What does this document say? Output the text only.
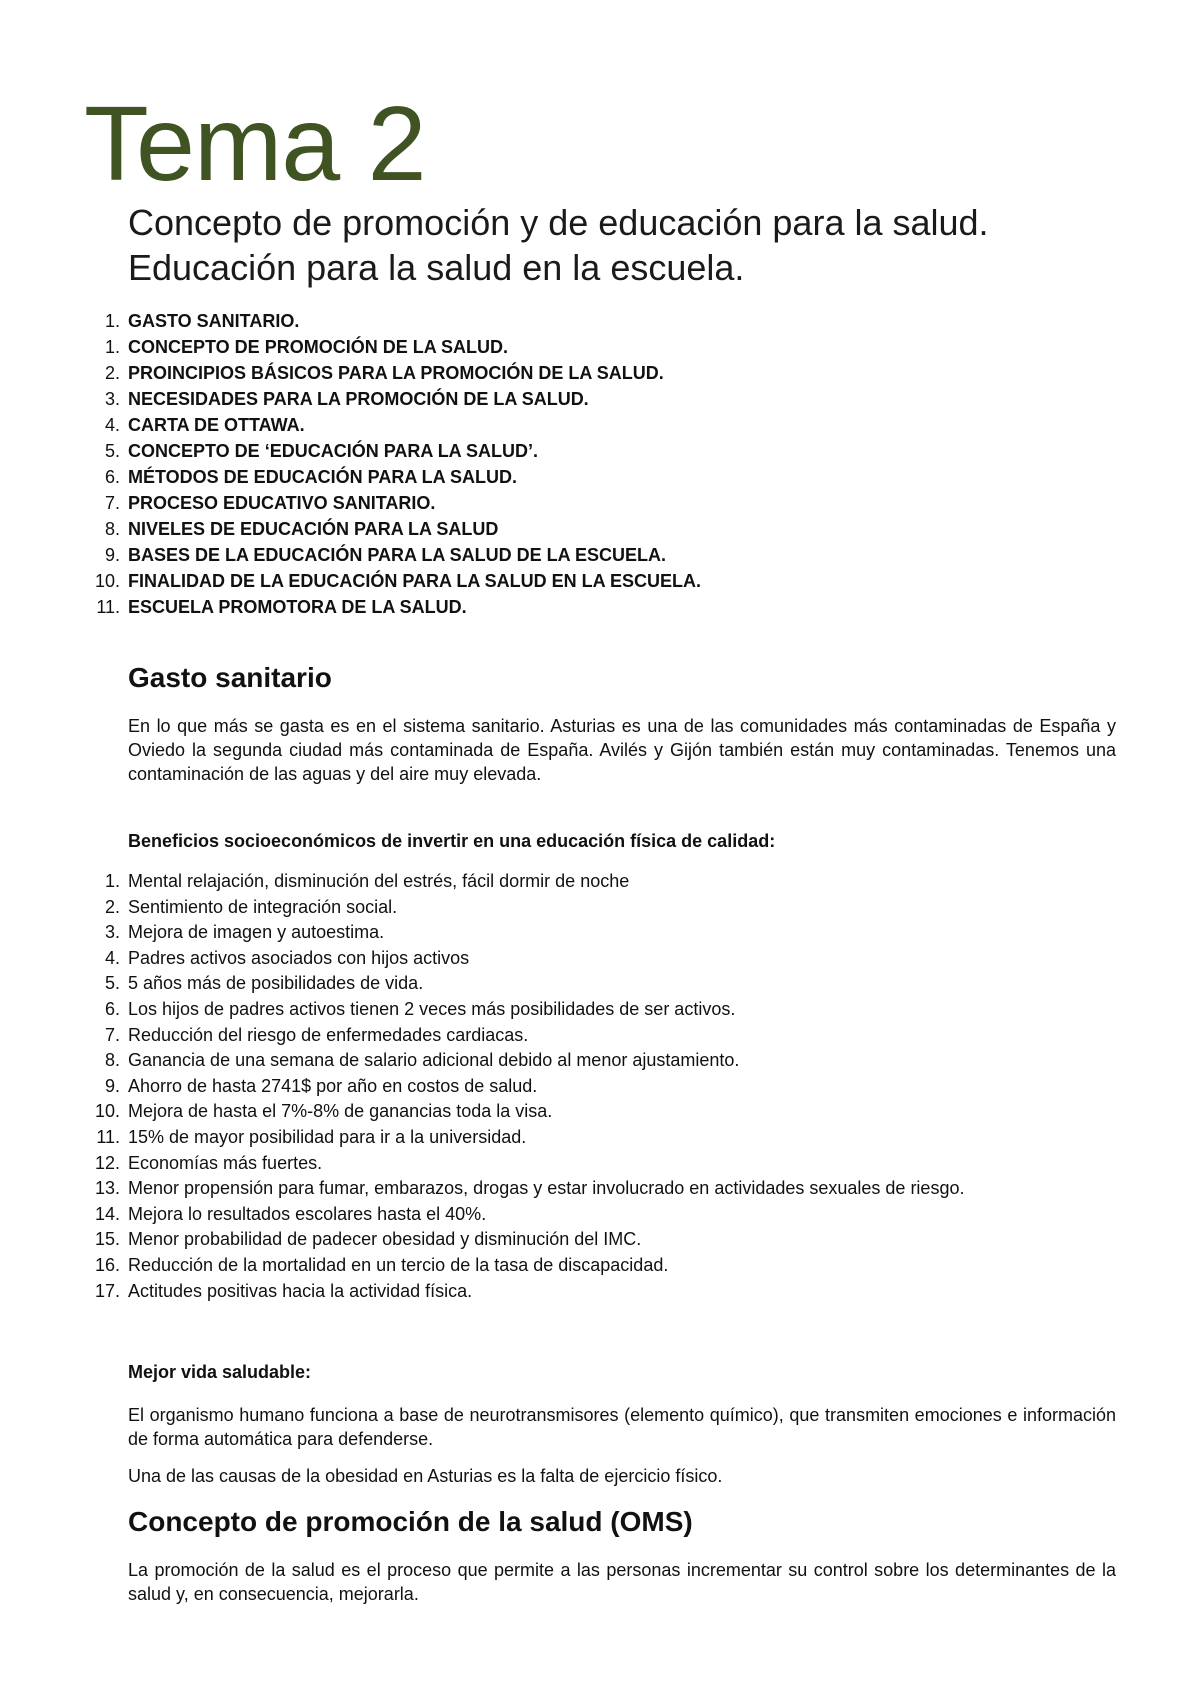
Tema 2
Concepto de promoción y de educación para la salud.
Educación para la salud en la escuela.
1. GASTO SANITARIO.
1. CONCEPTO DE PROMOCIÓN DE LA SALUD.
2. PROINCIPIOS BÁSICOS PARA LA PROMOCIÓN DE LA SALUD.
3. NECESIDADES PARA LA PROMOCIÓN DE LA SALUD.
4. CARTA DE OTTAWA.
5. CONCEPTO DE ‘EDUCACIÓN PARA LA SALUD’.
6. MÉTODOS DE EDUCACIÓN PARA LA SALUD.
7. PROCESO EDUCATIVO SANITARIO.
8. NIVELES DE EDUCACIÓN PARA LA SALUD
9. BASES DE LA EDUCACIÓN PARA LA SALUD DE LA ESCUELA.
10. FINALIDAD DE LA EDUCACIÓN PARA LA SALUD EN LA ESCUELA.
11. ESCUELA PROMOTORA DE LA SALUD.
Gasto sanitario

En lo que más se gasta es en el sistema sanitario. Asturias es una de las comunidades más contaminadas de España y Oviedo la segunda ciudad más contaminada de España. Avilés y Gijón también están muy contaminadas. Tenemos una contaminación de las aguas y del aire muy elevada.

Beneficios socioeconómicos de invertir en una educación física de calidad:

1. Mental relajación, disminución del estrés, fácil dormir de noche
2. Sentimiento de integración social.
3. Mejora de imagen y autoestima.
4. Padres activos asociados con hijos activos
5. 5 años más de posibilidades de vida.
6. Los hijos de padres activos tienen 2 veces más posibilidades de ser activos.
7. Reducción del riesgo de enfermedades cardiacas.
8. Ganancia de una semana de salario adicional debido al menor ajustamiento.
9. Ahorro de hasta 2741$ por año en costos de salud.
10. Mejora de hasta el 7%-8% de ganancias toda la visa.
11. 15% de mayor posibilidad para ir a la universidad.
12. Economías más fuertes.
13. Menor propensión para fumar, embarazos, drogas y estar involucrado en actividades sexuales de riesgo.
14. Mejora lo resultados escolares hasta el 40%.
15. Menor probabilidad de padecer obesidad y disminución del IMC.
16. Reducción de la mortalidad en un tercio de la tasa de discapacidad.
17. Actitudes positivas hacia la actividad física.

Mejor vida saludable:

El organismo humano funciona a base de neurotransmisores (elemento químico), que transmiten emociones e información de forma automática para defenderse.

Una de las causas de la obesidad en Asturias es la falta de ejercicio físico.

Concepto de promoción de la salud (OMS)

La promoción de la salud es el proceso que permite a las personas incrementar su control sobre los determinantes de la salud y, en consecuencia, mejorarla.
